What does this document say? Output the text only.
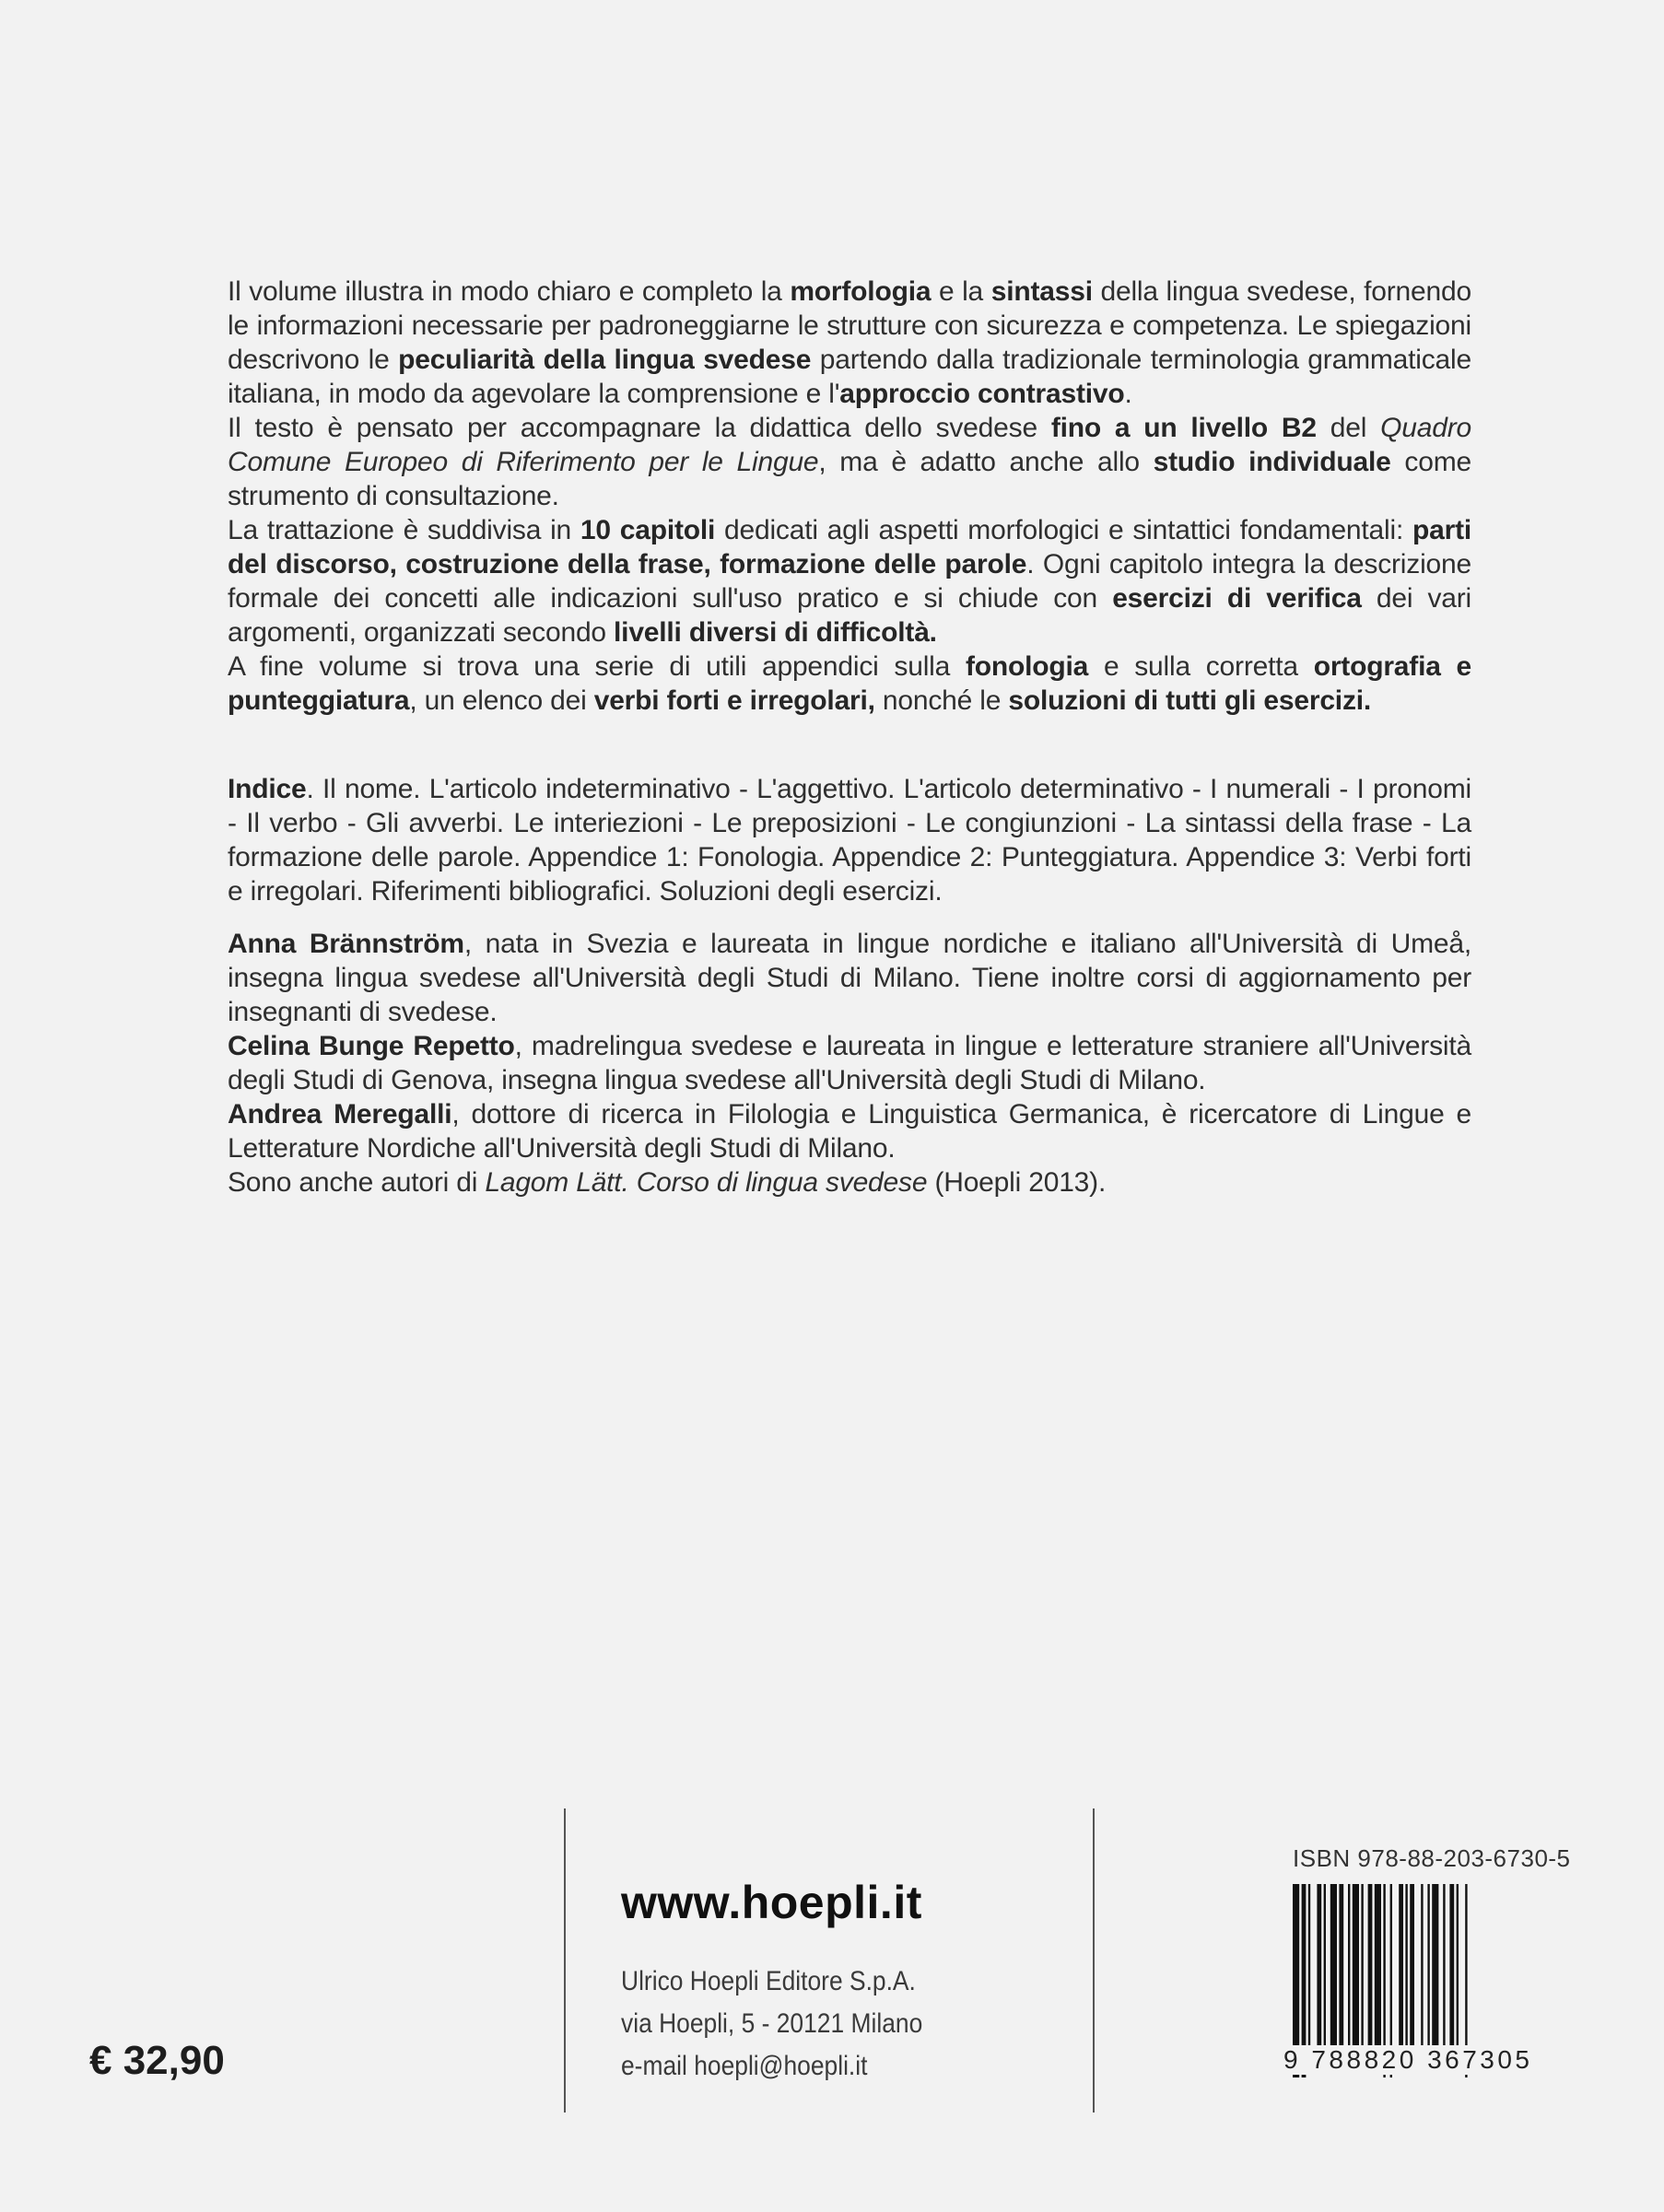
Il volume illustra in modo chiaro e completo la morfologia e la sintassi della lingua svedese, fornendo le informazioni necessarie per padroneggiarne le strutture con sicurezza e competenza. Le spiegazioni descrivono le peculiarità della lingua svedese partendo dalla tradizionale terminologia grammaticale italiana, in modo da agevolare la comprensione e l'approccio contrastivo.

Il testo è pensato per accompagnare la didattica dello svedese fino a un livello B2 del Quadro Comune Europeo di Riferimento per le Lingue, ma è adatto anche allo studio individuale come strumento di consultazione.

La trattazione è suddivisa in 10 capitoli dedicati agli aspetti morfologici e sintattici fondamentali: parti del discorso, costruzione della frase, formazione delle parole. Ogni capitolo integra la descrizione formale dei concetti alle indicazioni sull'uso pratico e si chiude con esercizi di verifica dei vari argomenti, organizzati secondo livelli diversi di difficoltà.

A fine volume si trova una serie di utili appendici sulla fonologia e sulla corretta ortografia e punteggiatura, un elenco dei verbi forti e irregolari, nonché le soluzioni di tutti gli esercizi.

Indice. Il nome. L'articolo indeterminativo - L'aggettivo. L'articolo determinativo - I numerali - I pronomi - Il verbo - Gli avverbi. Le interiezioni - Le preposizioni - Le congiunzioni - La sintassi della frase - La formazione delle parole. Appendice 1: Fonologia. Appendice 2: Punteggiatura. Appendice 3: Verbi forti e irregolari. Riferimenti bibliografici. Soluzioni degli esercizi.

Anna Brännström, nata in Svezia e laureata in lingue nordiche e italiano all'Università di Umeå, insegna lingua svedese all'Università degli Studi di Milano. Tiene inoltre corsi di aggiornamento per insegnanti di svedese.

Celina Bunge Repetto, madrelingua svedese e laureata in lingue e letterature straniere all'Università degli Studi di Genova, insegna lingua svedese all'Università degli Studi di Milano.

Andrea Meregalli, dottore di ricerca in Filologia e Linguistica Germanica, è ricercatore di Lingue e Letterature Nordiche all'Università degli Studi di Milano.

Sono anche autori di Lagom Lätt. Corso di lingua svedese (Hoepli 2013).

www.hoepli.it
Ulrico Hoepli Editore S.p.A.
via Hoepli, 5 - 20121 Milano
e-mail hoepli@hoepli.it
€ 32,90
ISBN 978-88-203-6730-5
9 788820 367305
